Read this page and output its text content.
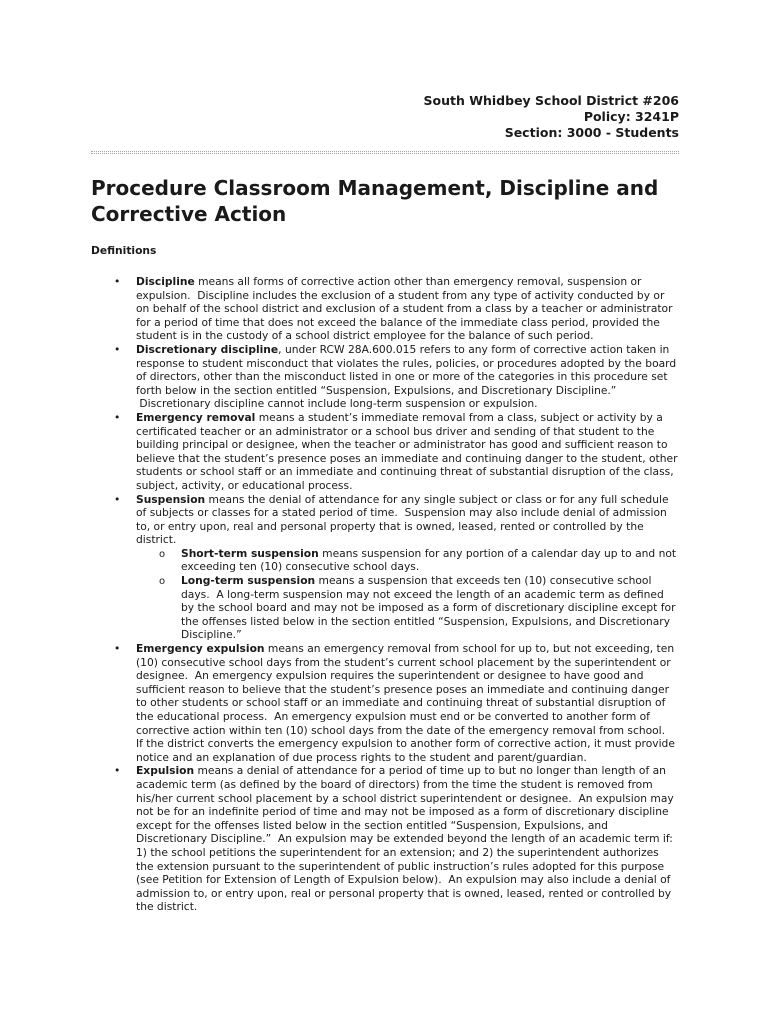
South Whidbey School District #206
Policy: 3241P
Section: 3000 - Students
Procedure Classroom Management, Discipline and Corrective Action
Definitions
•
Discipline means all forms of corrective action other than emergency removal, suspension or
expulsion.  Discipline includes the exclusion of a student from any type of activity conducted by or
on behalf of the school district and exclusion of a student from a class by a teacher or administrator
for a period of time that does not exceed the balance of the immediate class period, provided the
student is in the custody of a school district employee for the balance of such period.
•
Discretionary discipline, under RCW 28A.600.015 refers to any form of corrective action taken in
response to student misconduct that violates the rules, policies, or procedures adopted by the board
of directors, other than the misconduct listed in one or more of the categories in this procedure set
forth below in the section entitled “Suspension, Expulsions, and Discretionary Discipline.”
Discretionary discipline cannot include long-term suspension or expulsion.
•
Emergency removal means a student’s immediate removal from a class, subject or activity by a
certificated teacher or an administrator or a school bus driver and sending of that student to the
building principal or designee, when the teacher or administrator has good and sufficient reason to
believe that the student’s presence poses an immediate and continuing danger to the student, other
students or school staff or an immediate and continuing threat of substantial disruption of the class,
subject, activity, or educational process.
•
Suspension means the denial of attendance for any single subject or class or for any full schedule
of subjects or classes for a stated period of time.  Suspension may also include denial of admission
to, or entry upon, real and personal property that is owned, leased, rented or controlled by the
district.
o
Short-term suspension means suspension for any portion of a calendar day up to and not
exceeding ten (10) consecutive school days.
o
Long-term suspension means a suspension that exceeds ten (10) consecutive school
days.  A long-term suspension may not exceed the length of an academic term as defined
by the school board and may not be imposed as a form of discretionary discipline except for
the offenses listed below in the section entitled “Suspension, Expulsions, and Discretionary
Discipline.”
•
Emergency expulsion means an emergency removal from school for up to, but not exceeding, ten
(10) consecutive school days from the student’s current school placement by the superintendent or
designee.  An emergency expulsion requires the superintendent or designee to have good and
sufficient reason to believe that the student’s presence poses an immediate and continuing danger
to other students or school staff or an immediate and continuing threat of substantial disruption of
the educational process.  An emergency expulsion must end or be converted to another form of
corrective action within ten (10) school days from the date of the emergency removal from school.
If the district converts the emergency expulsion to another form of corrective action, it must provide
notice and an explanation of due process rights to the student and parent/guardian.
•
Expulsion means a denial of attendance for a period of time up to but no longer than length of an
academic term (as defined by the board of directors) from the time the student is removed from
his/her current school placement by a school district superintendent or designee.  An expulsion may
not be for an indefinite period of time and may not be imposed as a form of discretionary discipline
except for the offenses listed below in the section entitled “Suspension, Expulsions, and
Discretionary Discipline.”  An expulsion may be extended beyond the length of an academic term if:
1) the school petitions the superintendent for an extension; and 2) the superintendent authorizes
the extension pursuant to the superintendent of public instruction’s rules adopted for this purpose
(see Petition for Extension of Length of Expulsion below).  An expulsion may also include a denial of
admission to, or entry upon, real or personal property that is owned, leased, rented or controlled by
the district.
